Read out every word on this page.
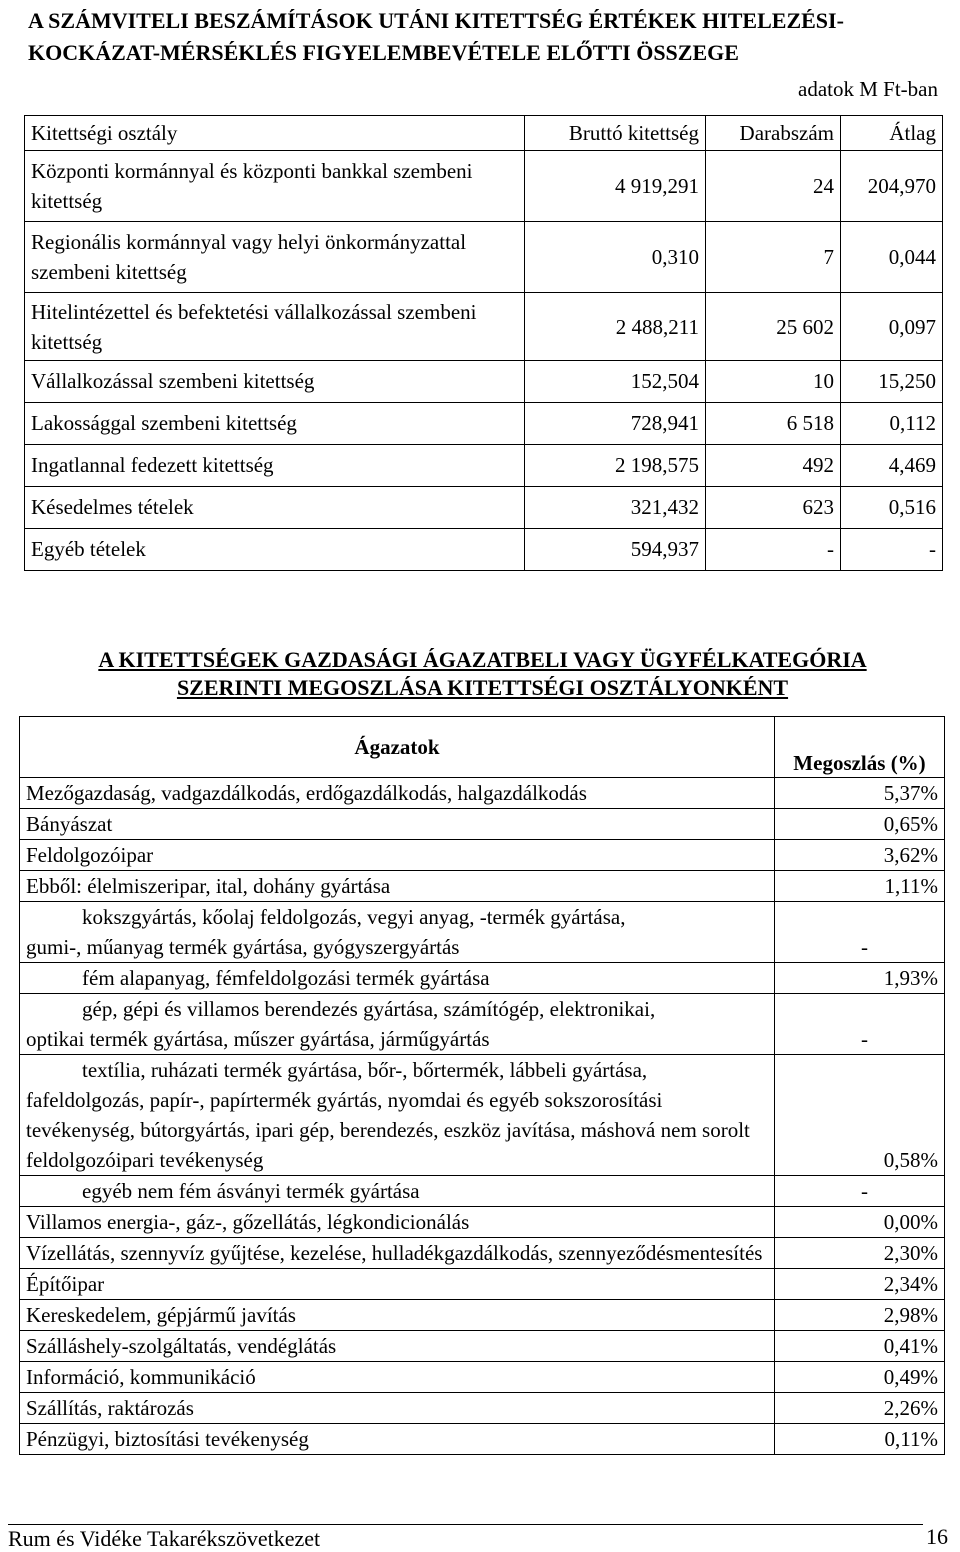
A SZÁMVITELI BESZÁMÍTÁSOK UTÁNI KITETTSÉG ÉRTÉKEK HITELEZÉSI-KOCKÁZAT-MÉRSÉKLÉS FIGYELEMBEVÉTELE ELŐTTI ÖSSZEGE
adatok M Ft-ban
Kitettségi osztály	Bruttó kitettség	Darabszám	Átlag
Központi kormánnyal és központi bankkal szembeni kitettség	4 919,291	24	204,970
Regionális kormánnyal vagy helyi önkormányzattal szembeni kitettség	0,310	7	0,044
Hitelintézettel és befektetési vállalkozással szembeni kitettség	2 488,211	25 602	0,097
Vállalkozással szembeni kitettség	152,504	10	15,250
Lakossággal szembeni kitettség	728,941	6 518	0,112
Ingatlannal fedezett kitettség	2 198,575	492	4,469
Késedelmes tételek	321,432	623	0,516
Egyéb tételek	594,937	-	-
A KITETTSÉGEK GAZDASÁGI ÁGAZATBELI VAGY ÜGYFÉLKATEGÓRIA
SZERINTI MEGOSZLÁSA KITETTSÉGI OSZTÁLYONKÉNT
Ágazatok	Megoszlás (%)
Mezőgazdaság, vadgazdálkodás, erdőgazdálkodás, halgazdálkodás	5,37%
Bányászat	0,65%
Feldolgozóipar	3,62%
Ebből: élelmiszeripar, ital, dohány gyártása	1,11%
kokszgyártás, kőolaj feldolgozás, vegyi anyag, -termék gyártása,
gumi-, műanyag termék gyártása, gyógyszergyártás	-
fém alapanyag, fémfeldolgozási termék gyártása	1,93%
gép, gépi és villamos berendezés gyártása, számítógép, elektronikai,
optikai termék gyártása, műszer gyártása, járműgyártás	-
textília, ruházati termék gyártása, bőr-, bőrtermék, lábbeli gyártása,
fafeldolgozás, papír-, papírtermék gyártás, nyomdai és egyéb sokszorosítási tevékenység, bútorgyártás, ipari gép, berendezés, eszköz javítása, máshová nem sorolt feldolgozóipari tevékenység	0,58%
egyéb nem fém ásványi termék gyártása	-
Villamos energia-, gáz-, gőzellátás, légkondicionálás	0,00%
Vízellátás, szennyvíz gyűjtése, kezelése, hulladékgazdálkodás, szennyeződésmentesítés	2,30%
Építőipar	2,34%
Kereskedelem, gépjármű javítás	2,98%
Szálláshely-szolgáltatás, vendéglátás	0,41%
Információ, kommunikáció	0,49%
Szállítás, raktározás	2,26%
Pénzügyi, biztosítási tevékenység	0,11%
Rum és Vidéke Takarékszövetkezet	16
